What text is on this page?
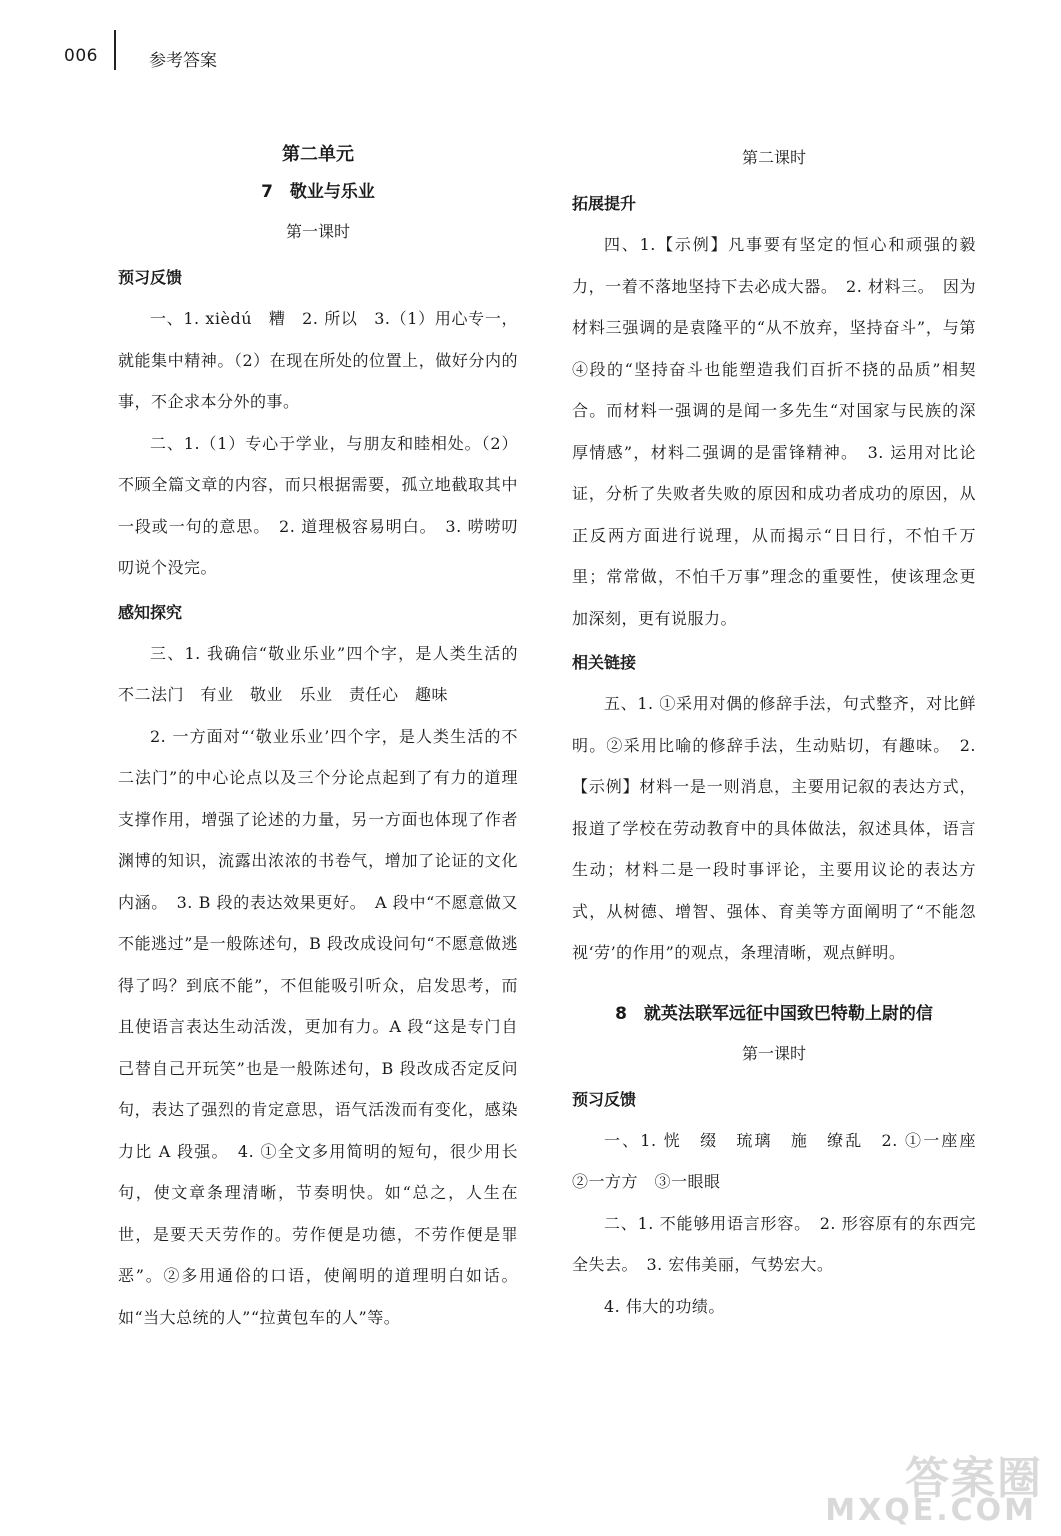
006	参考答案
第二单元
7　敬业与乐业
第一课时
预习反馈

一、1. xièdú　糟　2. 所以　3.（1）用心专一，就能集中精神。（2）在现在所处的位置上，做好分内的事，不企求本分外的事。

二、1.（1）专心于学业，与朋友和睦相处。（2）不顾全篇文章的内容，而只根据需要，孤立地截取其中一段或一句的意思。　2. 道理极容易明白。　3. 唠唠叨叨说个没完。

感知探究

三、1. 我确信“敬业乐业”四个字，是人类生活的不二法门　有业　敬业　乐业　责任心　趣味

2. 一方面对“‘敬业乐业’四个字，是人类生活的不二法门”的中心论点以及三个分论点起到了有力的道理支撑作用，增强了论述的力量，另一方面也体现了作者渊博的知识，流露出浓浓的书卷气，增加了论证的文化内涵。　3. B 段的表达效果更好。　A 段中“不愿意做又不能逃过”是一般陈述句，B 段改成设问句“不愿意做逃得了吗？到底不能”，不但能吸引听众，启发思考，而且使语言表达生动活泼，更加有力。A 段“这是专门自己替自己开玩笑”也是一般陈述句，B 段改成否定反问句，表达了强烈的肯定意思，语气活泼而有变化，感染力比 A 段强。　4. ①全文多用简明的短句，很少用长句，使文章条理清晰，节奏明快。如“总之，人生在世，是要天天劳作的。劳作便是功德，不劳作便是罪恶”。②多用通俗的口语，使阐明的道理明白如话。如“当大总统的人”“拉黄包车的人”等。

第二课时
拓展提升

四、1.【示例】凡事要有坚定的恒心和顽强的毅力，一着不落地坚持下去必成大器。　2. 材料三。　因为材料三强调的是袁隆平的“从不放弃，坚持奋斗”，与第④段的“坚持奋斗也能塑造我们百折不挠的品质”相契合。而材料一强调的是闻一多先生“对国家与民族的深厚情感”，材料二强调的是雷锋精神。　3. 运用对比论证，分析了失败者失败的原因和成功者成功的原因，从正反两方面进行说理，从而揭示“日日行，不怕千万里；常常做，不怕千万事”理念的重要性，使该理念更加深刻，更有说服力。

相关链接

五、1. ①采用对偶的修辞手法，句式整齐，对比鲜明。②采用比喻的修辞手法，生动贴切，有趣味。　2.【示例】材料一是一则消息，主要用记叙的表达方式，报道了学校在劳动教育中的具体做法，叙述具体，语言生动；材料二是一段时事评论，主要用议论的表达方式，从树德、增智、强体、育美等方面阐明了“不能忽视‘劳’的作用”的观点，条理清晰，观点鲜明。

8　就英法联军远征中国致巴特勒上尉的信
第一课时
预习反馈

一、1. 恍　缀　琉璃　施　缭乱　2. ①一座座　②一方方　③一眼眼

二、1. 不能够用语言形容。　2. 形容原有的东西完全失去。　3. 宏伟美丽，气势宏大。

4. 伟大的功绩。

答案圈
MXQE.COM
